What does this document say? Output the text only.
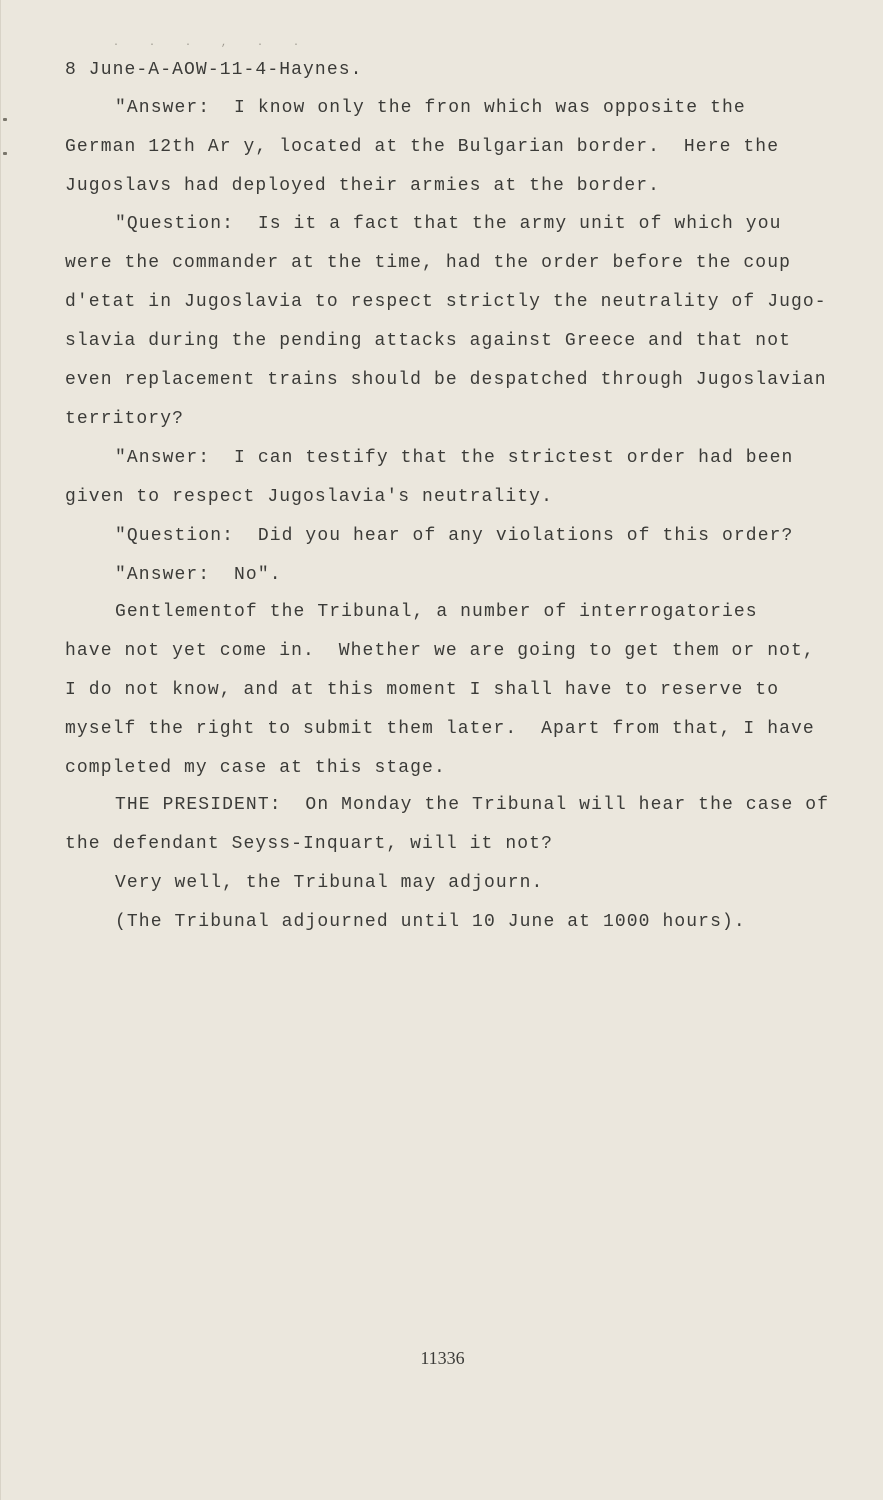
. . . , . .

8 June-A-AOW-11-4-Haynes.

"Answer:  I know only the fron which was opposite the

German 12th Ar y, located at the Bulgarian border.  Here the

Jugoslavs had deployed their armies at the border.

"Question:  Is it a fact that the army unit of which you

were the commander at the time, had the order before the coup

d'etat in Jugoslavia to respect strictly the neutrality of Jugo-

slavia during the pending attacks against Greece and that not

even replacement trains should be despatched through Jugoslavian

territory?

"Answer:  I can testify that the strictest order had been

given to respect Jugoslavia's neutrality.

"Question:  Did you hear of any violations of this order?

"Answer:  No".

Gentlementof the Tribunal, a number of interrogatories

have not yet come in.  Whether we are going to get them or not,

I do not know, and at this moment I shall have to reserve to

myself the right to submit them later.  Apart from that, I have

completed my case at this stage.

THE PRESIDENT:  On Monday the Tribunal will hear the case of

the defendant Seyss-Inquart, will it not?

Very well, the Tribunal may adjourn.

(The Tribunal adjourned until 10 June at 1000 hours).

11336
